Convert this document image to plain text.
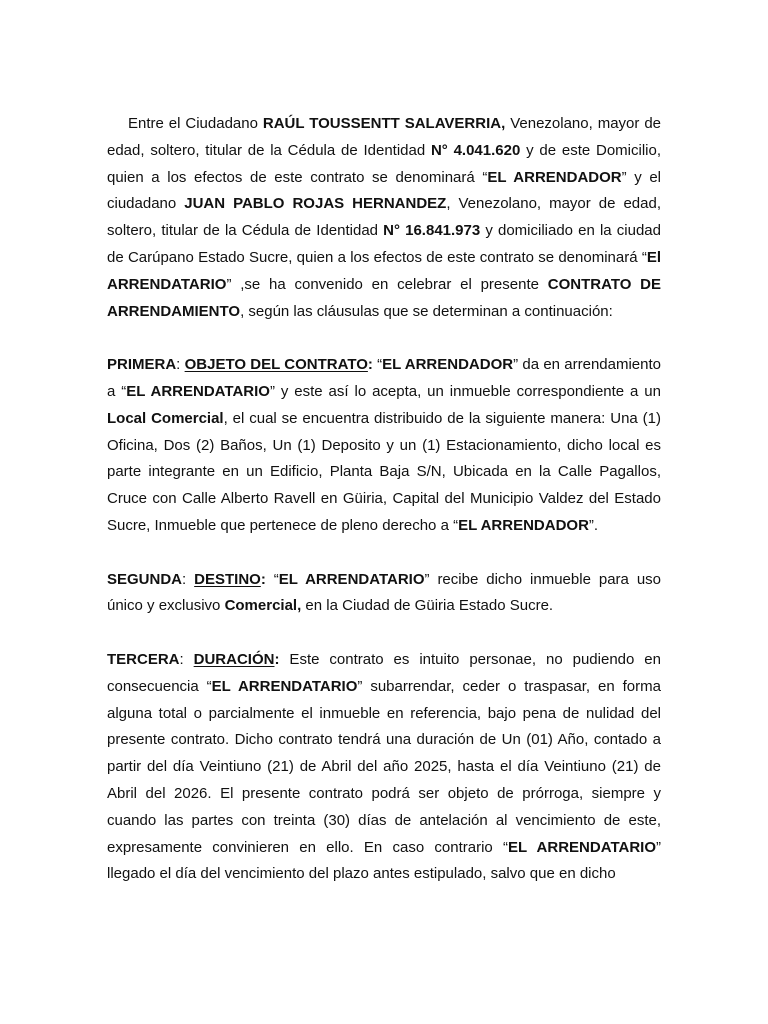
Entre el Ciudadano RAÚL TOUSSENTT SALAVERRIA, Venezolano, mayor de edad, soltero, titular de la Cédula de Identidad N° 4.041.620 y de este Domicilio, quien a los efectos de este contrato se denominará “EL ARRENDADOR” y el ciudadano JUAN PABLO ROJAS HERNANDEZ, Venezolano, mayor de edad, soltero, titular de la Cédula de Identidad N° 16.841.973 y domiciliado en la ciudad de Carúpano Estado Sucre, quien a los efectos de este contrato se denominará “El ARRENDATARIO” ,se ha convenido en celebrar el presente CONTRATO DE ARRENDAMIENTO, según las cláusulas que se determinan a continuación:

PRIMERA: OBJETO DEL CONTRATO: “EL ARRENDADOR” da en arrendamiento a “EL ARRENDATARIO” y este así lo acepta, un inmueble correspondiente a un Local Comercial, el cual se encuentra distribuido de la siguiente manera: Una (1) Oficina, Dos (2) Baños, Un (1) Deposito y un (1) Estacionamiento, dicho local es parte integrante en un Edificio, Planta Baja S/N, Ubicada en la Calle Pagallos, Cruce con Calle Alberto Ravell en Güiria, Capital del Municipio Valdez del Estado Sucre, Inmueble que pertenece de pleno derecho a “EL ARRENDADOR”.

SEGUNDA: DESTINO: “EL ARRENDATARIO” recibe dicho inmueble para uso único y exclusivo Comercial, en la Ciudad de Güiria Estado Sucre.

TERCERA: DURACIÓN: Este contrato es intuito personae, no pudiendo en consecuencia “EL ARRENDATARIO” subarrendar, ceder o traspasar, en forma alguna total o parcialmente el inmueble en referencia, bajo pena de nulidad del presente contrato. Dicho contrato tendrá una duración de Un (01) Año, contado a partir del día Veintiuno (21) de Abril del año 2025, hasta el día Veintiuno (21) de Abril del 2026. El presente contrato podrá ser objeto de prórroga, siempre y cuando las partes con treinta (30) días de antelación al vencimiento de este, expresamente convinieren en ello. En caso contrario “EL ARRENDATARIO” llegado el día del vencimiento del plazo antes estipulado, salvo que en dicho
